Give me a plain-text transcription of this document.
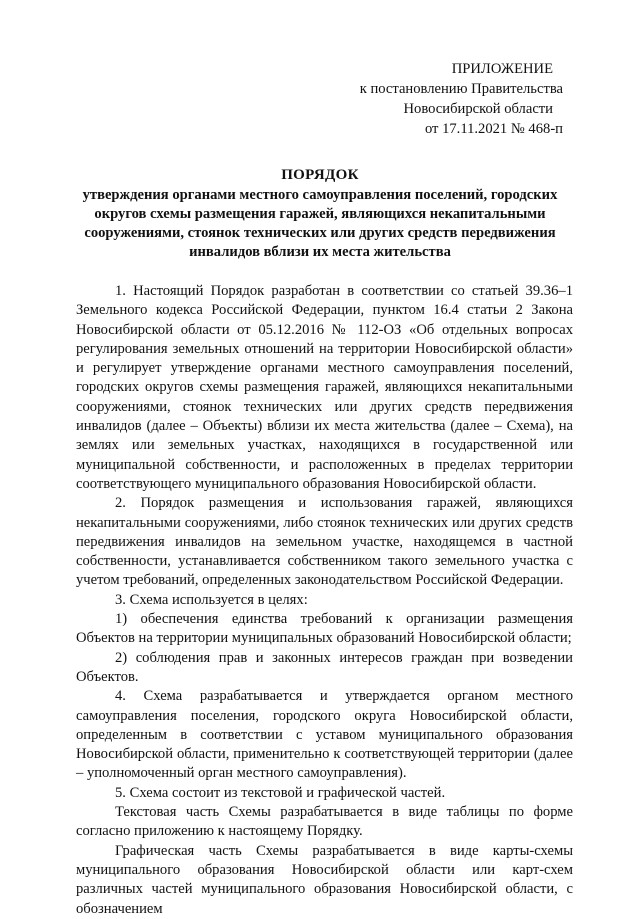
ПРИЛОЖЕНИЕ
к постановлению Правительства
Новосибирской области
от 17.11.2021 № 468-п
ПОРЯДОК
утверждения органами местного самоуправления поселений, городских округов схемы размещения гаражей, являющихся некапитальными сооружениями, стоянок технических или других средств передвижения инвалидов вблизи их места жительства

1. Настоящий Порядок разработан в соответствии со статьей 39.36–1 Земельного кодекса Российской Федерации, пунктом 16.4 статьи 2 Закона Новосибирской области от 05.12.2016 № 112-ОЗ «Об отдельных вопросах регулирования земельных отношений на территории Новосибирской области» и регулирует утверждение органами местного самоуправления поселений, городских округов схемы размещения гаражей, являющихся некапитальными сооружениями, стоянок технических или других средств передвижения инвалидов (далее – Объекты) вблизи их места жительства (далее – Схема), на землях или земельных участках, находящихся в государственной или муниципальной собственности, и расположенных в пределах территории соответствующего муниципального образования Новосибирской области.

2. Порядок размещения и использования гаражей, являющихся некапитальными сооружениями, либо стоянок технических или других средств передвижения инвалидов на земельном участке, находящемся в частной собственности, устанавливается собственником такого земельного участка с учетом требований, определенных законодательством Российской Федерации.

3. Схема используется в целях:

1) обеспечения единства требований к организации размещения Объектов на территории муниципальных образований Новосибирской области;

2) соблюдения прав и законных интересов граждан при возведении Объектов.

4. Схема разрабатывается и утверждается органом местного самоуправления поселения, городского округа Новосибирской области, определенным в соответствии с уставом муниципального образования Новосибирской области, применительно к соответствующей территории (далее – уполномоченный орган местного самоуправления).

5. Схема состоит из текстовой и графической частей.

Текстовая часть Схемы разрабатывается в виде таблицы по форме согласно приложению к настоящему Порядку.

Графическая часть Схемы разрабатывается в виде карты-схемы муниципального образования Новосибирской области или карт-схем различных частей муниципального образования Новосибирской области, с обозначением
